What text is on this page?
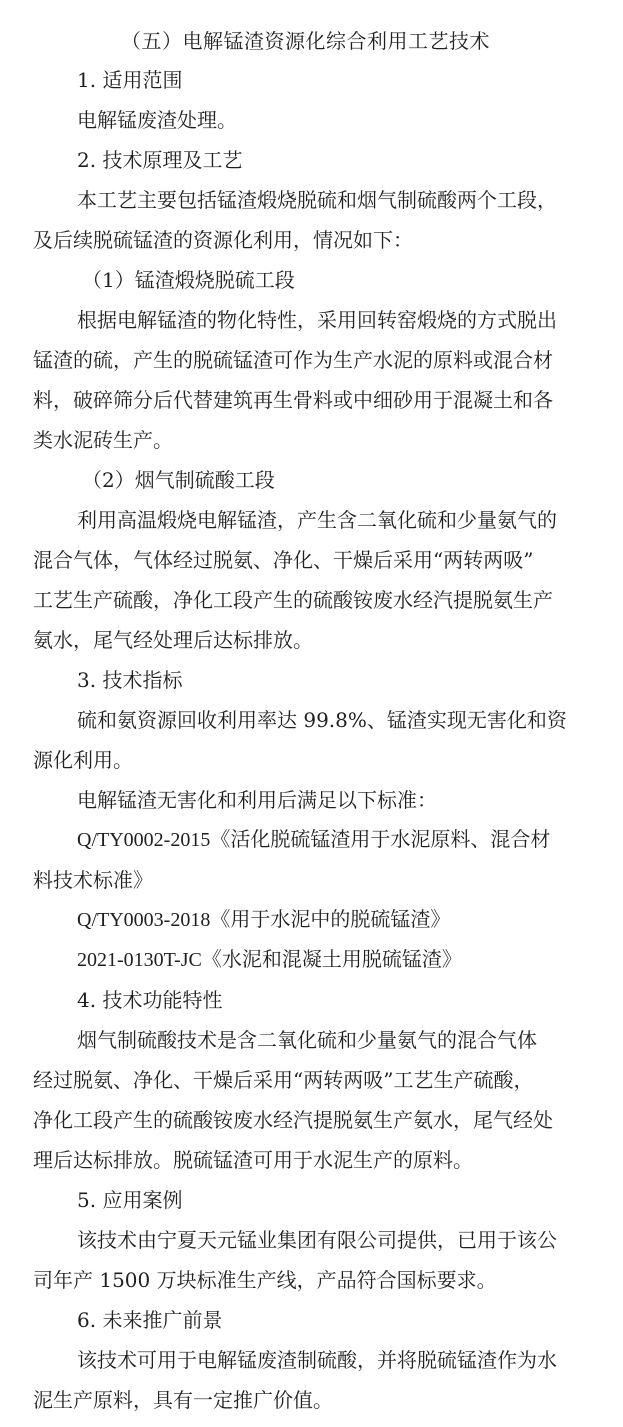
（五）电解锰渣资源化综合利用工艺技术
1. 适用范围
电解锰废渣处理。
2. 技术原理及工艺
本工艺主要包括锰渣煅烧脱硫和烟气制硫酸两个工段，
及后续脱硫锰渣的资源化利用，情况如下：
（1）锰渣煅烧脱硫工段
根据电解锰渣的物化特性，采用回转窑煅烧的方式脱出
锰渣的硫，产生的脱硫锰渣可作为生产水泥的原料或混合材
料，破碎筛分后代替建筑再生骨料或中细砂用于混凝土和各
类水泥砖生产。
（2）烟气制硫酸工段
利用高温煅烧电解锰渣，产生含二氧化硫和少量氨气的
混合气体，气体经过脱氨、净化、干燥后采用“两转两吸”
工艺生产硫酸，净化工段产生的硫酸铵废水经汽提脱氨生产
氨水，尾气经处理后达标排放。
3. 技术指标
硫和氨资源回收利用率达 99.8%、锰渣实现无害化和资
源化利用。
电解锰渣无害化和利用后满足以下标准：
Q/TY0002-2015《活化脱硫锰渣用于水泥原料、混合材
料技术标准》
Q/TY0003-2018《用于水泥中的脱硫锰渣》
2021-0130T-JC《水泥和混凝土用脱硫锰渣》
4. 技术功能特性
烟气制硫酸技术是含二氧化硫和少量氨气的混合气体
经过脱氨、净化、干燥后采用“两转两吸”工艺生产硫酸，
净化工段产生的硫酸铵废水经汽提脱氨生产氨水，尾气经处
理后达标排放。脱硫锰渣可用于水泥生产的原料。
5. 应用案例
该技术由宁夏天元锰业集团有限公司提供，已用于该公
司年产 1500 万块标准生产线，产品符合国标要求。
6. 未来推广前景
该技术可用于电解锰废渣制硫酸，并将脱硫锰渣作为水
泥生产原料，具有一定推广价值。
